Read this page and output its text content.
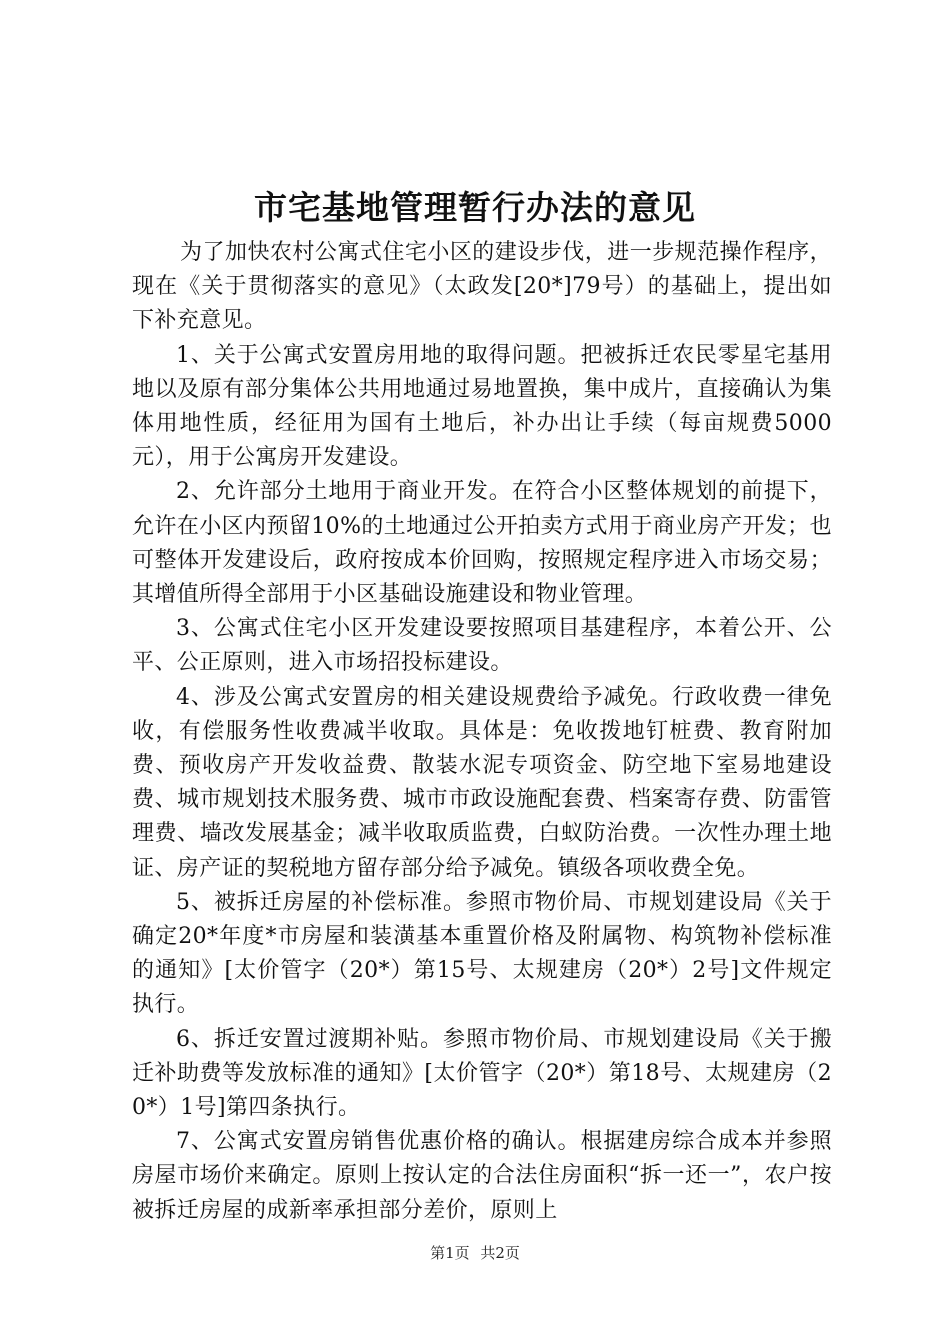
市宅基地管理暂行办法的意见

为了加快农村公寓式住宅小区的建设步伐，进一步规范操作程序，现在《关于贯彻落实的意见》（太政发[20*]79号）的基础上，提出如下补充意见。

1、关于公寓式安置房用地的取得问题。把被拆迁农民零星宅基用地以及原有部分集体公共用地通过易地置换，集中成片，直接确认为集体用地性质，经征用为国有土地后，补办出让手续（每亩规费5000元），用于公寓房开发建设。

2、允许部分土地用于商业开发。在符合小区整体规划的前提下，允许在小区内预留10%的土地通过公开拍卖方式用于商业房产开发；也可整体开发建设后，政府按成本价回购，按照规定程序进入市场交易；其增值所得全部用于小区基础设施建设和物业管理。

3、公寓式住宅小区开发建设要按照项目基建程序，本着公开、公平、公正原则，进入市场招投标建设。

4、涉及公寓式安置房的相关建设规费给予减免。行政收费一律免收，有偿服务性收费减半收取。具体是：免收拨地钉桩费、教育附加费、预收房产开发收益费、散装水泥专项资金、防空地下室易地建设费、城市规划技术服务费、城市市政设施配套费、档案寄存费、防雷管理费、墙改发展基金；减半收取质监费，白蚁防治费。一次性办理土地证、房产证的契税地方留存部分给予减免。镇级各项收费全免。

5、被拆迁房屋的补偿标准。参照市物价局、市规划建设局《关于确定20*年度*市房屋和装潢基本重置价格及附属物、构筑物补偿标准的通知》[太价管字（20*）第15号、太规建房（20*）2号]文件规定执行。

6、拆迁安置过渡期补贴。参照市物价局、市规划建设局《关于搬迁补助费等发放标准的通知》[太价管字（20*）第18号、太规建房（20*）1号]第四条执行。

7、公寓式安置房销售优惠价格的确认。根据建房综合成本并参照房屋市场价来确定。原则上按认定的合法住房面积“拆一还一”，农户按被拆迁房屋的成新率承担部分差价，原则上

第1页 共2页
